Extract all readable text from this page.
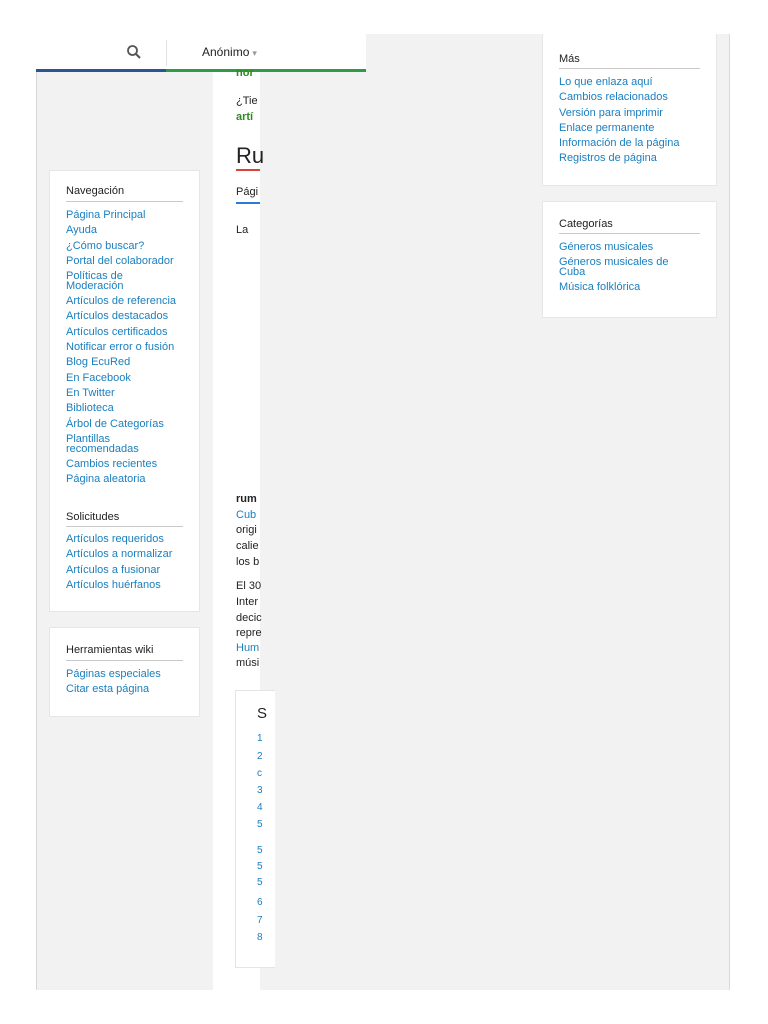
Anónimo ▾
nor
¿Tie
artí
Ru
Pági
La
rum
Cub
origi
calie
los b
El 30
Inter
decic
repre
Hum
músi
S
1
2
c
3
4
5
5
5
5
6
7
8
Navegación
Página Principal
Ayuda
¿Cómo buscar?
Portal del colaborador
Políticas de Moderación
Artículos de referencia
Artículos destacados
Artículos certificados
Notificar error o fusión
Blog EcuRed
En Facebook
En Twitter
Biblioteca
Árbol de Categorías
Plantillas recomendadas
Cambios recientes
Página aleatoria
Solicitudes
Artículos requeridos
Artículos a normalizar
Artículos a fusionar
Artículos huérfanos
Herramientas wiki
Páginas especiales
Citar esta página
Más
Lo que enlaza aquí
Cambios relacionados
Versión para imprimir
Enlace permanente
Información de la página
Registros de página
Categorías
Géneros musicales
Géneros musicales de Cuba
Música folklórica
